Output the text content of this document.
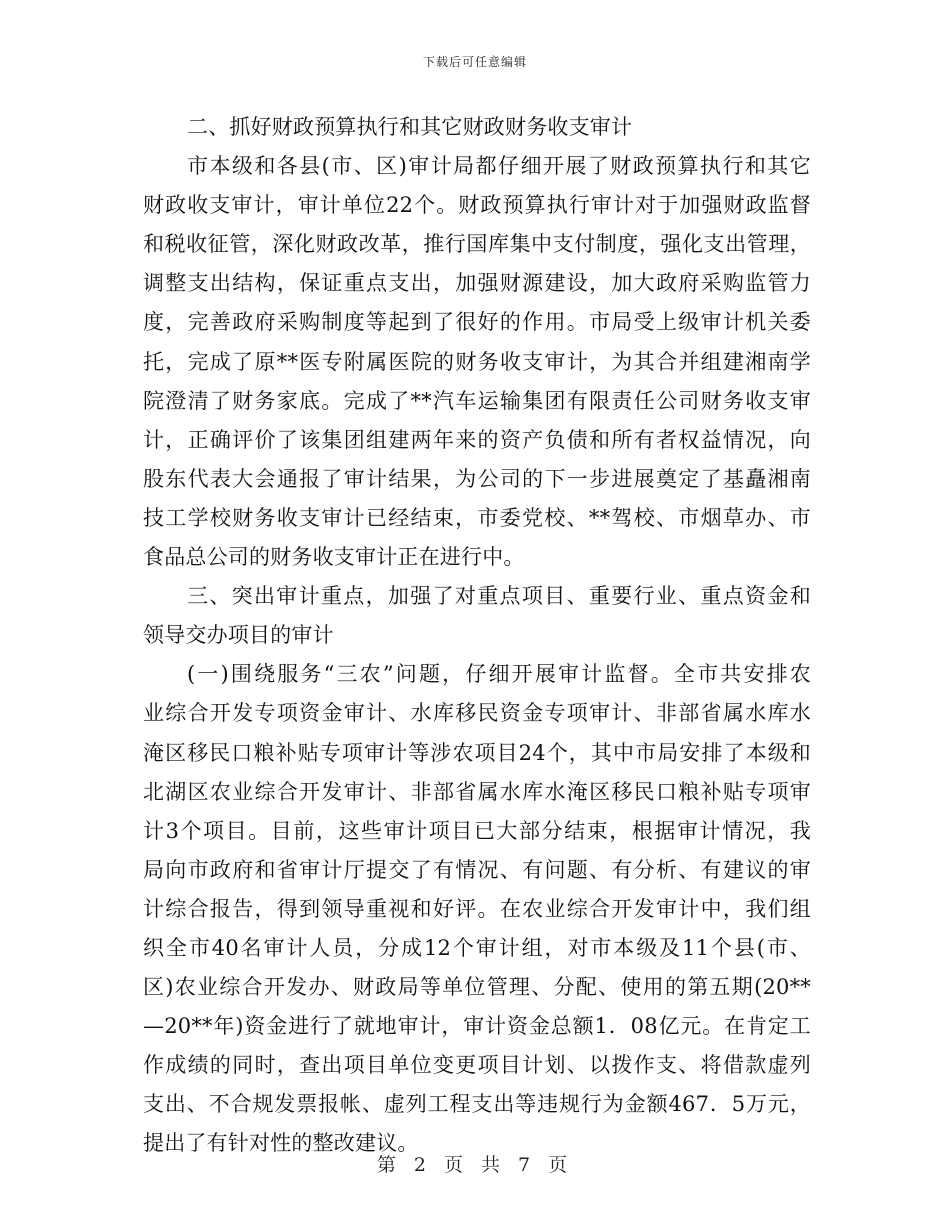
下载后可任意编辑
二、抓好财政预算执行和其它财政财务收支审计
市本级和各县(市、区)审计局都仔细开展了财政预算执行和其它
财政收支审计，审计单位22个。财政预算执行审计对于加强财政监督
和税收征管，深化财政改革，推行国库集中支付制度，强化支出管理，
调整支出结构，保证重点支出，加强财源建设，加大政府采购监管力
度，完善政府采购制度等起到了很好的作用。市局受上级审计机关委
托，完成了原**医专附属医院的财务收支审计，为其合并组建湘南学
院澄清了财务家底。完成了**汽车运输集团有限责任公司财务收支审
计，正确评价了该集团组建两年来的资产负债和所有者权益情况，向
股东代表大会通报了审计结果，为公司的下一步进展奠定了基矗湘南
技工学校财务收支审计已经结束，市委党校、**驾校、市烟草办、市
食品总公司的财务收支审计正在进行中。
三、突出审计重点，加强了对重点项目、重要行业、重点资金和
领导交办项目的审计
(一)围绕服务“三农”问题，仔细开展审计监督。全市共安排农
业综合开发专项资金审计、水库移民资金专项审计、非部省属水库水
淹区移民口粮补贴专项审计等涉农项目24个，其中市局安排了本级和
北湖区农业综合开发审计、非部省属水库水淹区移民口粮补贴专项审
计3个项目。目前，这些审计项目已大部分结束，根据审计情况，我
局向市政府和省审计厅提交了有情况、有问题、有分析、有建议的审
计综合报告，得到领导重视和好评。在农业综合开发审计中，我们组
织全市40名审计人员，分成12个审计组，对市本级及11个县(市、
区)农业综合开发办、财政局等单位管理、分配、使用的第五期(20**
—20**年)资金进行了就地审计，审计资金总额1．08亿元。在肯定工
作成绩的同时，查出项目单位变更项目计划、以拨作支、将借款虚列
支出、不合规发票报帐、虚列工程支出等违规行为金额467．5万元，
提出了有针对性的整改建议。
第 2 页 共 7 页
